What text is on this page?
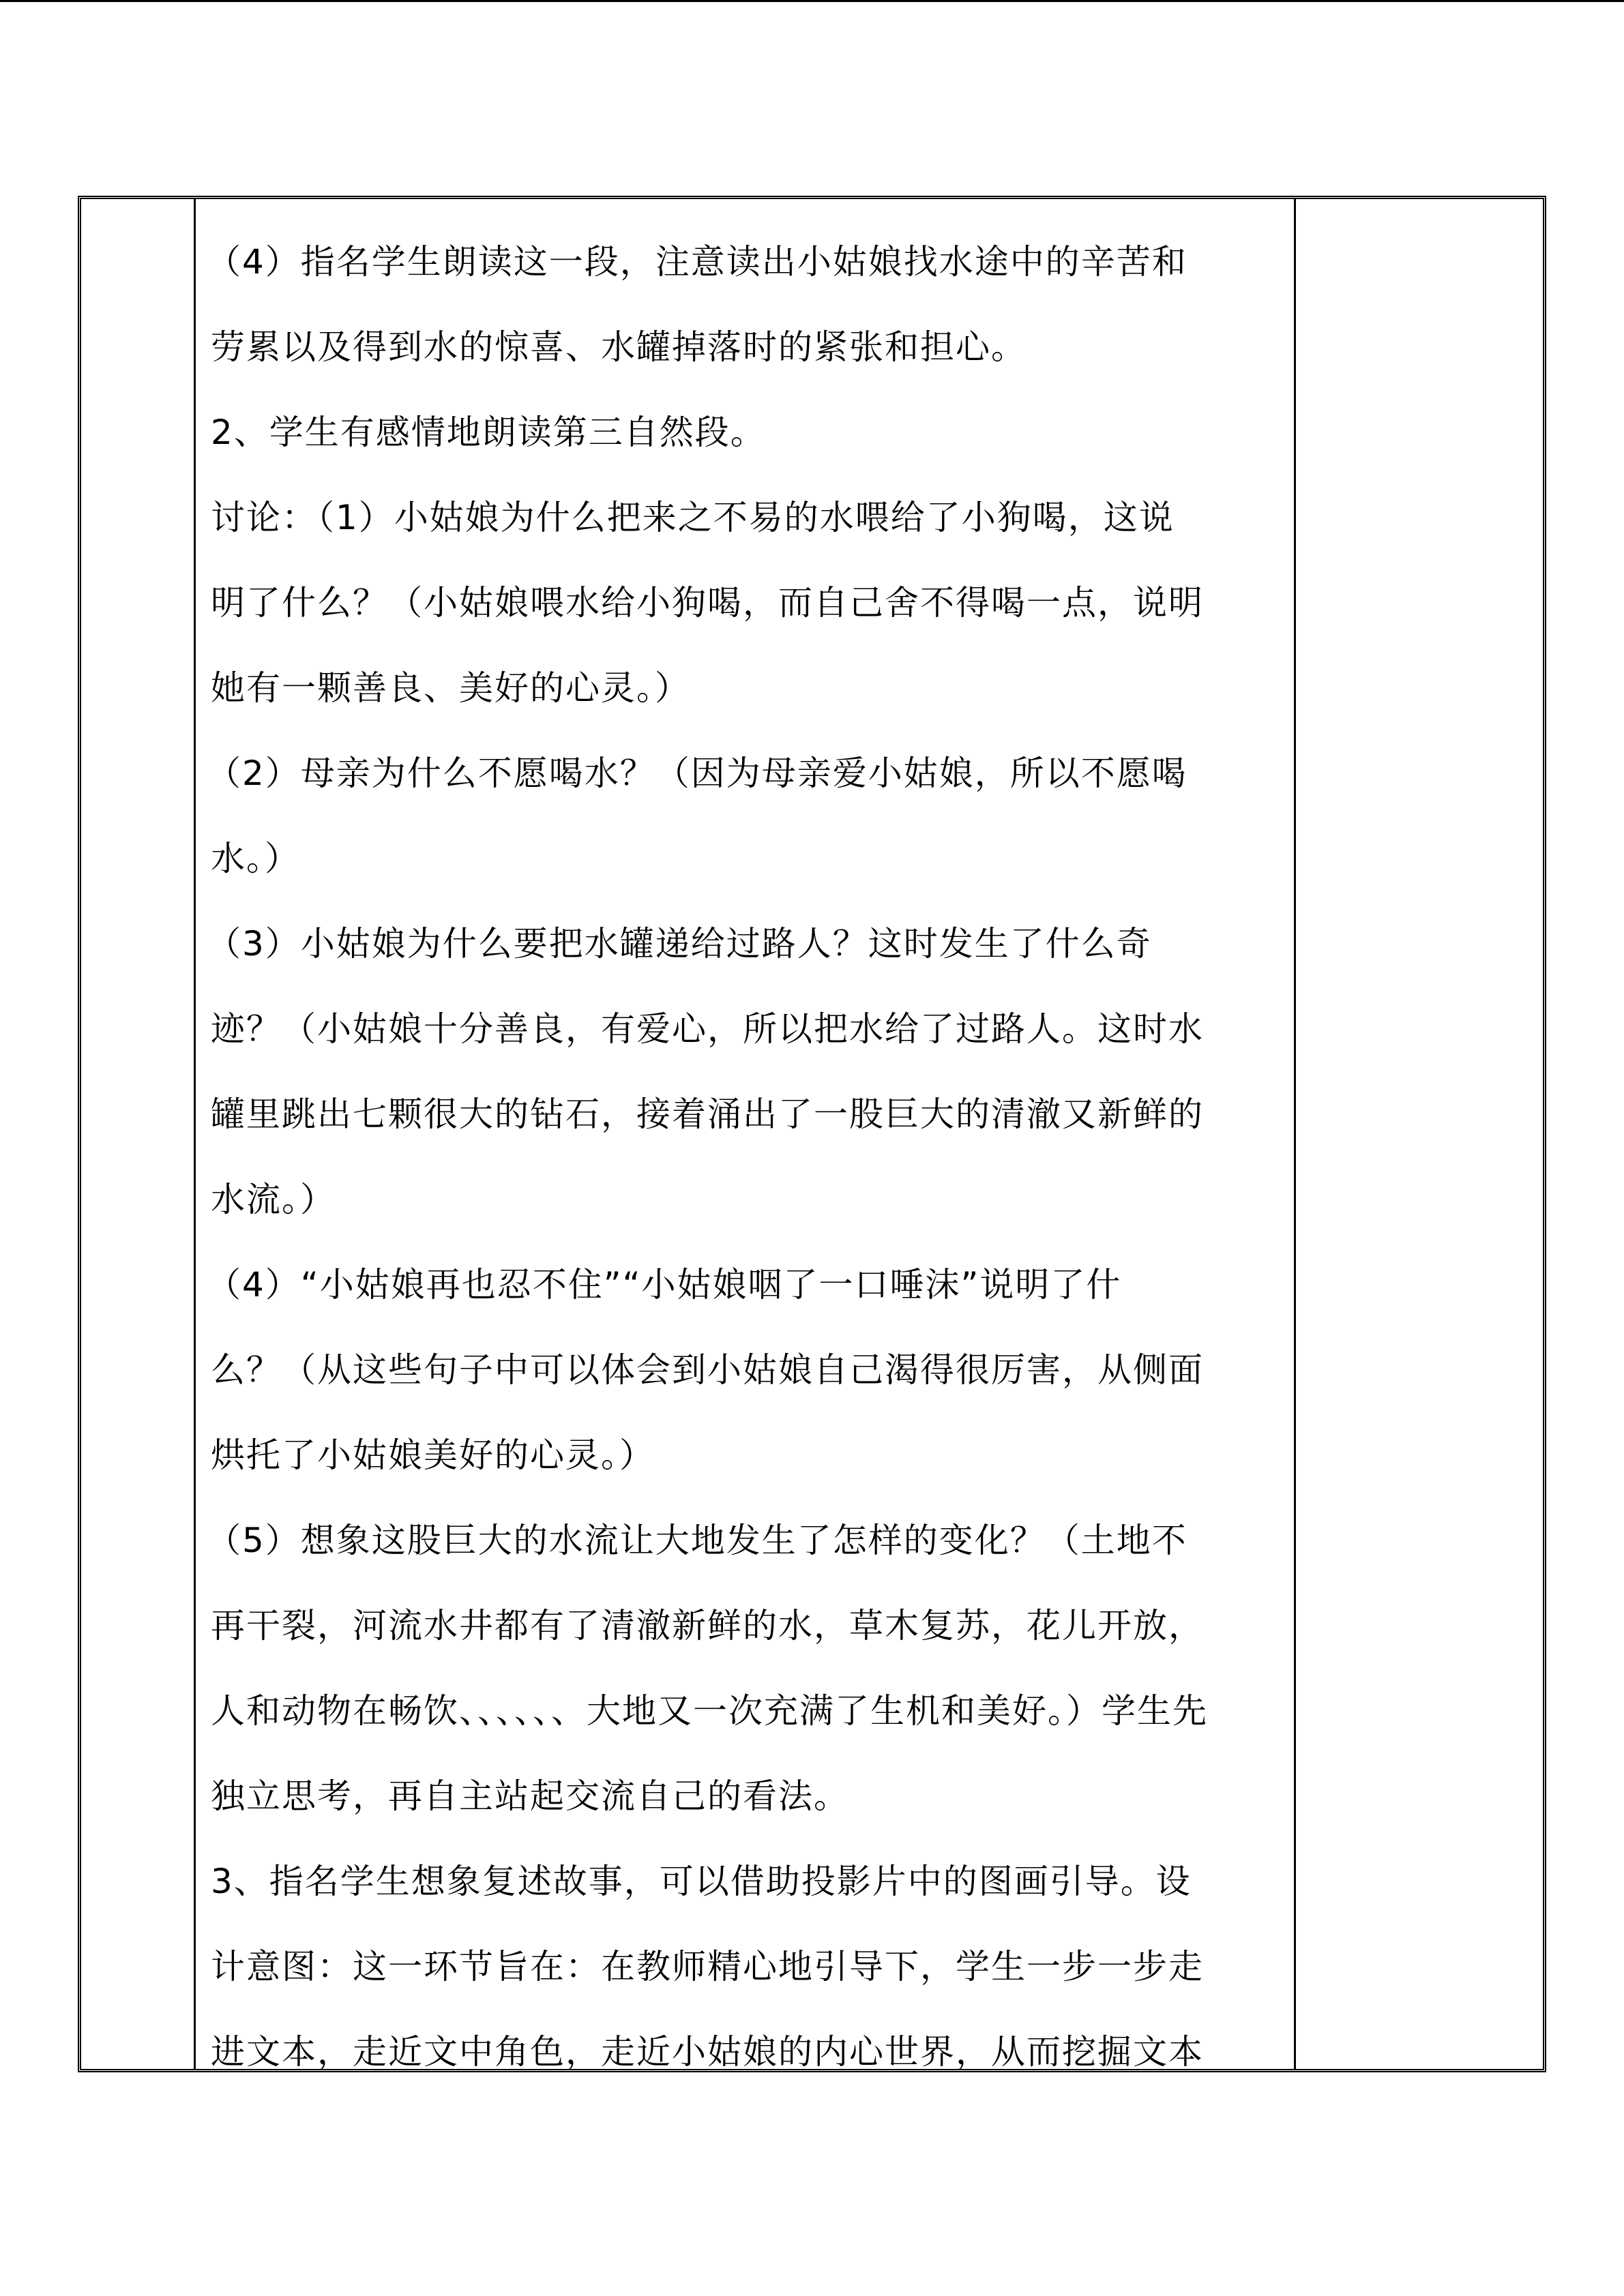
（4）指名学生朗读这一段，注意读出小姑娘找水途中的辛苦和

劳累以及得到水的惊喜、水罐掉落时的紧张和担心。

2、学生有感情地朗读第三自然段。

讨论：（1）小姑娘为什么把来之不易的水喂给了小狗喝，这说

明了什么？（小姑娘喂水给小狗喝，而自己舍不得喝一点，说明

她有一颗善良、美好的心灵。）

（2）母亲为什么不愿喝水？（因为母亲爱小姑娘，所以不愿喝

水。）

（3）小姑娘为什么要把水罐递给过路人？这时发生了什么奇

迹？（小姑娘十分善良，有爱心，所以把水给了过路人。这时水

罐里跳出七颗很大的钻石，接着涌出了一股巨大的清澈又新鲜的

水流。）

（4）“小姑娘再也忍不住”“小姑娘咽了一口唾沫”说明了什

么？（从这些句子中可以体会到小姑娘自己渴得很厉害，从侧面

烘托了小姑娘美好的心灵。）

（5）想象这股巨大的水流让大地发生了怎样的变化？（土地不

再干裂，河流水井都有了清澈新鲜的水，草木复苏，花儿开放，

人和动物在畅饮、、、、、、大地又一次充满了生机和美好。）学生先

独立思考，再自主站起交流自己的看法。

3、指名学生想象复述故事，可以借助投影片中的图画引导。设

计意图：这一环节旨在：在教师精心地引导下，学生一步一步走

进文本，走近文中角色，走近小姑娘的内心世界，从而挖掘文本
